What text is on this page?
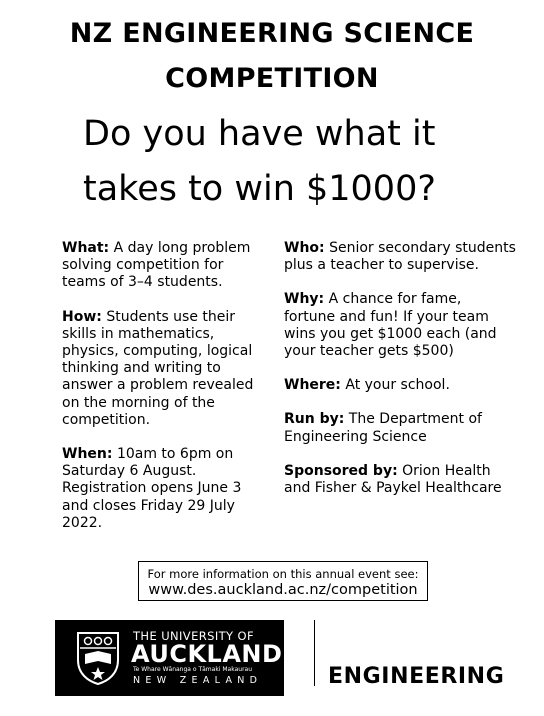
NZ ENGINEERING SCIENCE
COMPETITION
Do you have what it
takes to win $1000?

What: A day long problem solving competition for teams of 3–4 students.

How: Students use their skills in mathematics, physics, computing, logical thinking and writing to answer a problem revealed on the morning of the competition.

When: 10am to 6pm on Saturday 6 August. Registration opens June 3 and closes Friday 29 July 2022.

Who: Senior secondary students plus a teacher to supervise.

Why: A chance for fame, fortune and fun! If your team wins you get $1000 each (and your teacher gets $500)

Where: At your school.

Run by: The Department of Engineering Science

Sponsored by: Orion Health and Fisher & Paykel Healthcare

For more information on this annual event see:
www.des.auckland.ac.nz/competition
THE UNIVERSITY OF
AUCKLAND
Te Whare Wānanga o Tāmaki Makaurau
NEW ZEALAND	ENGINEERING
